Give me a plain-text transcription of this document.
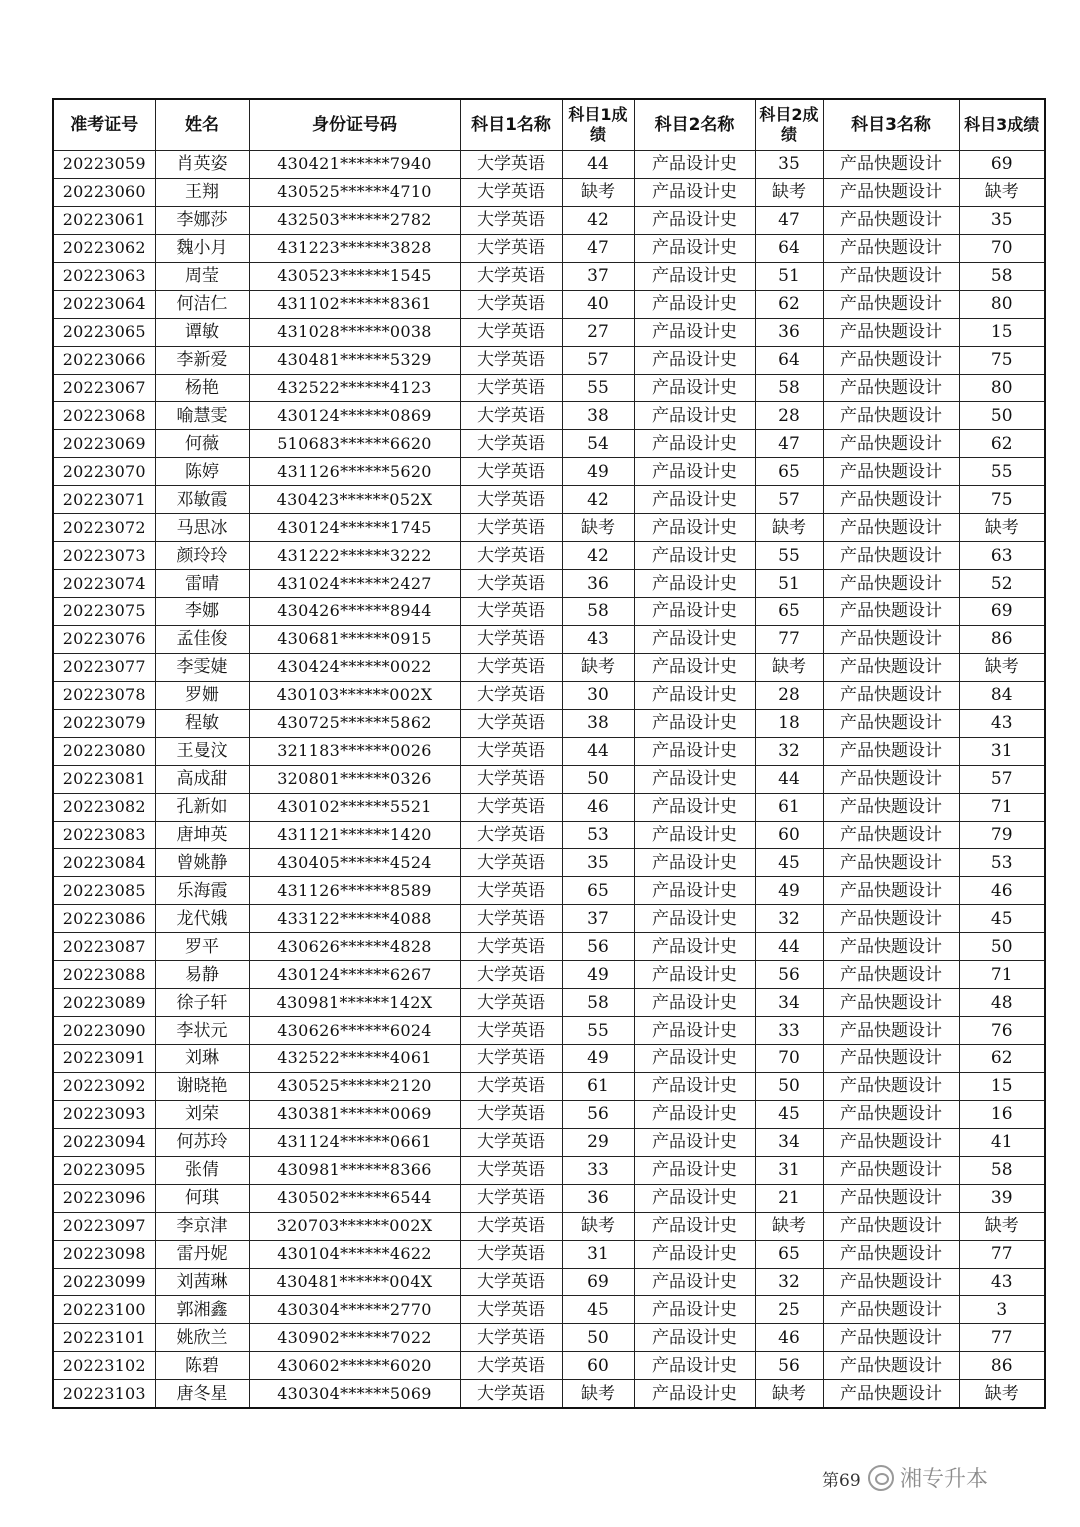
准考证号	姓名	身份证号码	科目1名称	科目1成绩	科目2名称	科目2成绩	科目3名称	科目3成绩
20223059	肖英姿	430421******7940	大学英语	44	产品设计史	35	产品快题设计	69
20223060	王翔	430525******4710	大学英语	缺考	产品设计史	缺考	产品快题设计	缺考
20223061	李娜莎	432503******2782	大学英语	42	产品设计史	47	产品快题设计	35
20223062	魏小月	431223******3828	大学英语	47	产品设计史	64	产品快题设计	70
20223063	周莹	430523******1545	大学英语	37	产品设计史	51	产品快题设计	58
20223064	何洁仁	431102******8361	大学英语	40	产品设计史	62	产品快题设计	80
20223065	谭敏	431028******0038	大学英语	27	产品设计史	36	产品快题设计	15
20223066	李新爱	430481******5329	大学英语	57	产品设计史	64	产品快题设计	75
20223067	杨艳	432522******4123	大学英语	55	产品设计史	58	产品快题设计	80
20223068	喻慧雯	430124******0869	大学英语	38	产品设计史	28	产品快题设计	50
20223069	何薇	510683******6620	大学英语	54	产品设计史	47	产品快题设计	62
20223070	陈婷	431126******5620	大学英语	49	产品设计史	65	产品快题设计	55
20223071	邓敏霞	430423******052X	大学英语	42	产品设计史	57	产品快题设计	75
20223072	马思冰	430124******1745	大学英语	缺考	产品设计史	缺考	产品快题设计	缺考
20223073	颜玲玲	431222******3222	大学英语	42	产品设计史	55	产品快题设计	63
20223074	雷晴	431024******2427	大学英语	36	产品设计史	51	产品快题设计	52
20223075	李娜	430426******8944	大学英语	58	产品设计史	65	产品快题设计	69
20223076	孟佳俊	430681******0915	大学英语	43	产品设计史	77	产品快题设计	86
20223077	李雯婕	430424******0022	大学英语	缺考	产品设计史	缺考	产品快题设计	缺考
20223078	罗姗	430103******002X	大学英语	30	产品设计史	28	产品快题设计	84
20223079	程敏	430725******5862	大学英语	38	产品设计史	18	产品快题设计	43
20223080	王曼汶	321183******0026	大学英语	44	产品设计史	32	产品快题设计	31
20223081	高成甜	320801******0326	大学英语	50	产品设计史	44	产品快题设计	57
20223082	孔新如	430102******5521	大学英语	46	产品设计史	61	产品快题设计	71
20223083	唐坤英	431121******1420	大学英语	53	产品设计史	60	产品快题设计	79
20223084	曾姚静	430405******4524	大学英语	35	产品设计史	45	产品快题设计	53
20223085	乐海霞	431126******8589	大学英语	65	产品设计史	49	产品快题设计	46
20223086	龙代娥	433122******4088	大学英语	37	产品设计史	32	产品快题设计	45
20223087	罗平	430626******4828	大学英语	56	产品设计史	44	产品快题设计	50
20223088	易静	430124******6267	大学英语	49	产品设计史	56	产品快题设计	71
20223089	徐子轩	430981******142X	大学英语	58	产品设计史	34	产品快题设计	48
20223090	李状元	430626******6024	大学英语	55	产品设计史	33	产品快题设计	76
20223091	刘琳	432522******4061	大学英语	49	产品设计史	70	产品快题设计	62
20223092	谢晓艳	430525******2120	大学英语	61	产品设计史	50	产品快题设计	15
20223093	刘荣	430381******0069	大学英语	56	产品设计史	45	产品快题设计	16
20223094	何苏玲	431124******0661	大学英语	29	产品设计史	34	产品快题设计	41
20223095	张倩	430981******8366	大学英语	33	产品设计史	31	产品快题设计	58
20223096	何琪	430502******6544	大学英语	36	产品设计史	21	产品快题设计	39
20223097	李京津	320703******002X	大学英语	缺考	产品设计史	缺考	产品快题设计	缺考
20223098	雷丹妮	430104******4622	大学英语	31	产品设计史	65	产品快题设计	77
20223099	刘茜琳	430481******004X	大学英语	69	产品设计史	32	产品快题设计	43
20223100	郭湘鑫	430304******2770	大学英语	45	产品设计史	25	产品快题设计	3
20223101	姚欣兰	430902******7022	大学英语	50	产品设计史	46	产品快题设计	77
20223102	陈碧	430602******6020	大学英语	60	产品设计史	56	产品快题设计	86
20223103	唐冬星	430304******5069	大学英语	缺考	产品设计史	缺考	产品快题设计	缺考
第69 湘专升本
